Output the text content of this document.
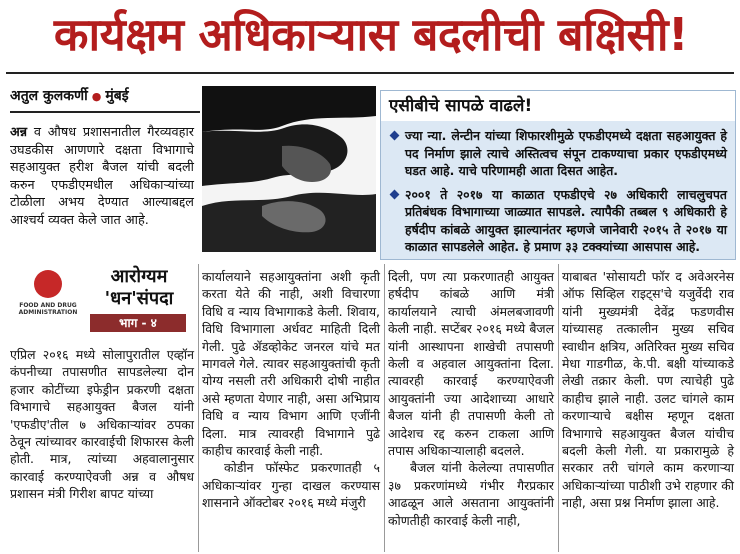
कार्यक्षम अधिकाऱ्यास बदलीची बक्षिसी!
अतुल कुलकर्णी ● मुंबई

अन्न व औषध प्रशासनातील गैरव्यवहार उघडकीस आणणारे दक्षता विभागाचे सहआयुक्त हरीश बैजल यांची बदली करुन एफडीएमधील अधिकाऱ्यांच्या टोळीला अभय देण्यात आल्याबद्दल आश्चर्य व्यक्त केले जात आहे.

एसीबीचे सापळे वाढले!
ज्या न्या. लेन्टीन यांच्या शिफारशीमुळे एफडीएमध्ये दक्षता सहआयुक्त हे पद निर्माण झाले त्याचे अस्तित्वच संपून टाकण्याचा प्रकार एफडीएमध्ये घडत आहे. याचे परिणामही आता दिसत आहेत.
२००१ ते २०१७ या काळात एफडीएचे २७ अधिकारी लाचलुचपत प्रतिबंधक विभागाच्या जाळ्यात सापडले. त्यापैकी तब्बल ९ अधिकारी हे हर्षदीप कांबळे आयुक्त झाल्यानंतर म्हणजे जानेवारी २०१५ ते २०१७ या काळात सापडलेले आहेत. हे प्रमाण ३३ टक्क्यांच्या आसपास आहे.
FOOD AND DRUG ADMINISTRATION
आरोग्यम
'धन'संपदा
भाग - ४

एप्रिल २०१६ मध्ये सोलापुरातील एव्हॉन कंपनीच्या तपासणीत सापडलेल्या दोन हजार कोटींच्या इफेड्रीन प्रकरणी दक्षता विभागाचे सहआयुक्त बैजल यांनी 'एफडीए'तील ७ अधिकाऱ्यांवर ठपका ठेवून त्यांच्यावर कारवाईची शिफारस केली होती. मात्र, त्यांच्या अहवालानुसार कारवाई करण्याऐवजी अन्न व औषध प्रशासन मंत्री गिरीश बापट यांच्या

कार्यालयाने सहआयुक्तांना अशी कृती करता येते की नाही, अशी विचारणा विधि व न्याय विभागाकडे केली. शिवाय, विधि विभागाला अर्धवट माहिती दिली गेली. पुढे ॲडव्होकेट जनरल यांचे मत मागवले गेले. त्यावर सहआयुक्तांची कृती योग्य नसली तरी अधिकारी दोषी नाहीत असे म्हणता येणार नाही, असा अभिप्राय विधि व न्याय विभाग आणि एजींनी दिला. मात्र त्यावरही विभागाने पुढे काहीच कारवाई केली नाही.

कोडीन फॉस्फेट प्रकरणातही ५ अधिकाऱ्यांवर गुन्हा दाखल करण्यास शासनाने ऑक्टोबर २०१६ मध्ये मंजुरी

दिली, पण त्या प्रकरणातही आयुक्त हर्षदीप कांबळे आणि मंत्री कार्यालयाने त्याची अंमलबजावणी केली नाही. सप्टेंबर २०१६ मध्ये बैजल यांनी आस्थापना शाखेची तपासणी केली व अहवाल आयुक्तांना दिला. त्यावरही कारवाई करण्याऐवजी आयुक्तांनी ज्या आदेशाच्या आधारे बैजल यांनी ही तपासणी केली तो आदेशच रद्द करुन टाकला आणि तपास अधिकाऱ्यालाही बदलले.

बैजल यांनी केलेल्या तपासणीत ३७ प्रकरणांमध्ये गंभीर गैरप्रकार आढळून आले असताना आयुक्तांनी कोणतीही कारवाई केली नाही,

याबाबत 'सोसायटी फॉर द अवेअरनेस ऑफ सिव्हिल राइट्स'चे यजुर्वेदी राव यांनी मुख्यमंत्री देवेंद्र फडणवीस यांच्यासह तत्कालीन मुख्य सचिव स्वाधीन क्षत्रिय, अतिरिक्त मुख्य सचिव मेधा गाडगीळ, के.पी. बक्षी यांच्याकडे लेखी तक्रार केली. पण त्याचेही पुढे काहीच झाले नाही. उलट चांगले काम करणाऱ्याचे बक्षीस म्हणून दक्षता विभागाचे सहआयुक्त बैजल यांचीच बदली केली गेली. या प्रकारामुळे हे सरकार तरी चांगले काम करणाऱ्या अधिकाऱ्यांच्या पाठीशी उभे राहणार की नाही, असा प्रश्न निर्माण झाला आहे.
